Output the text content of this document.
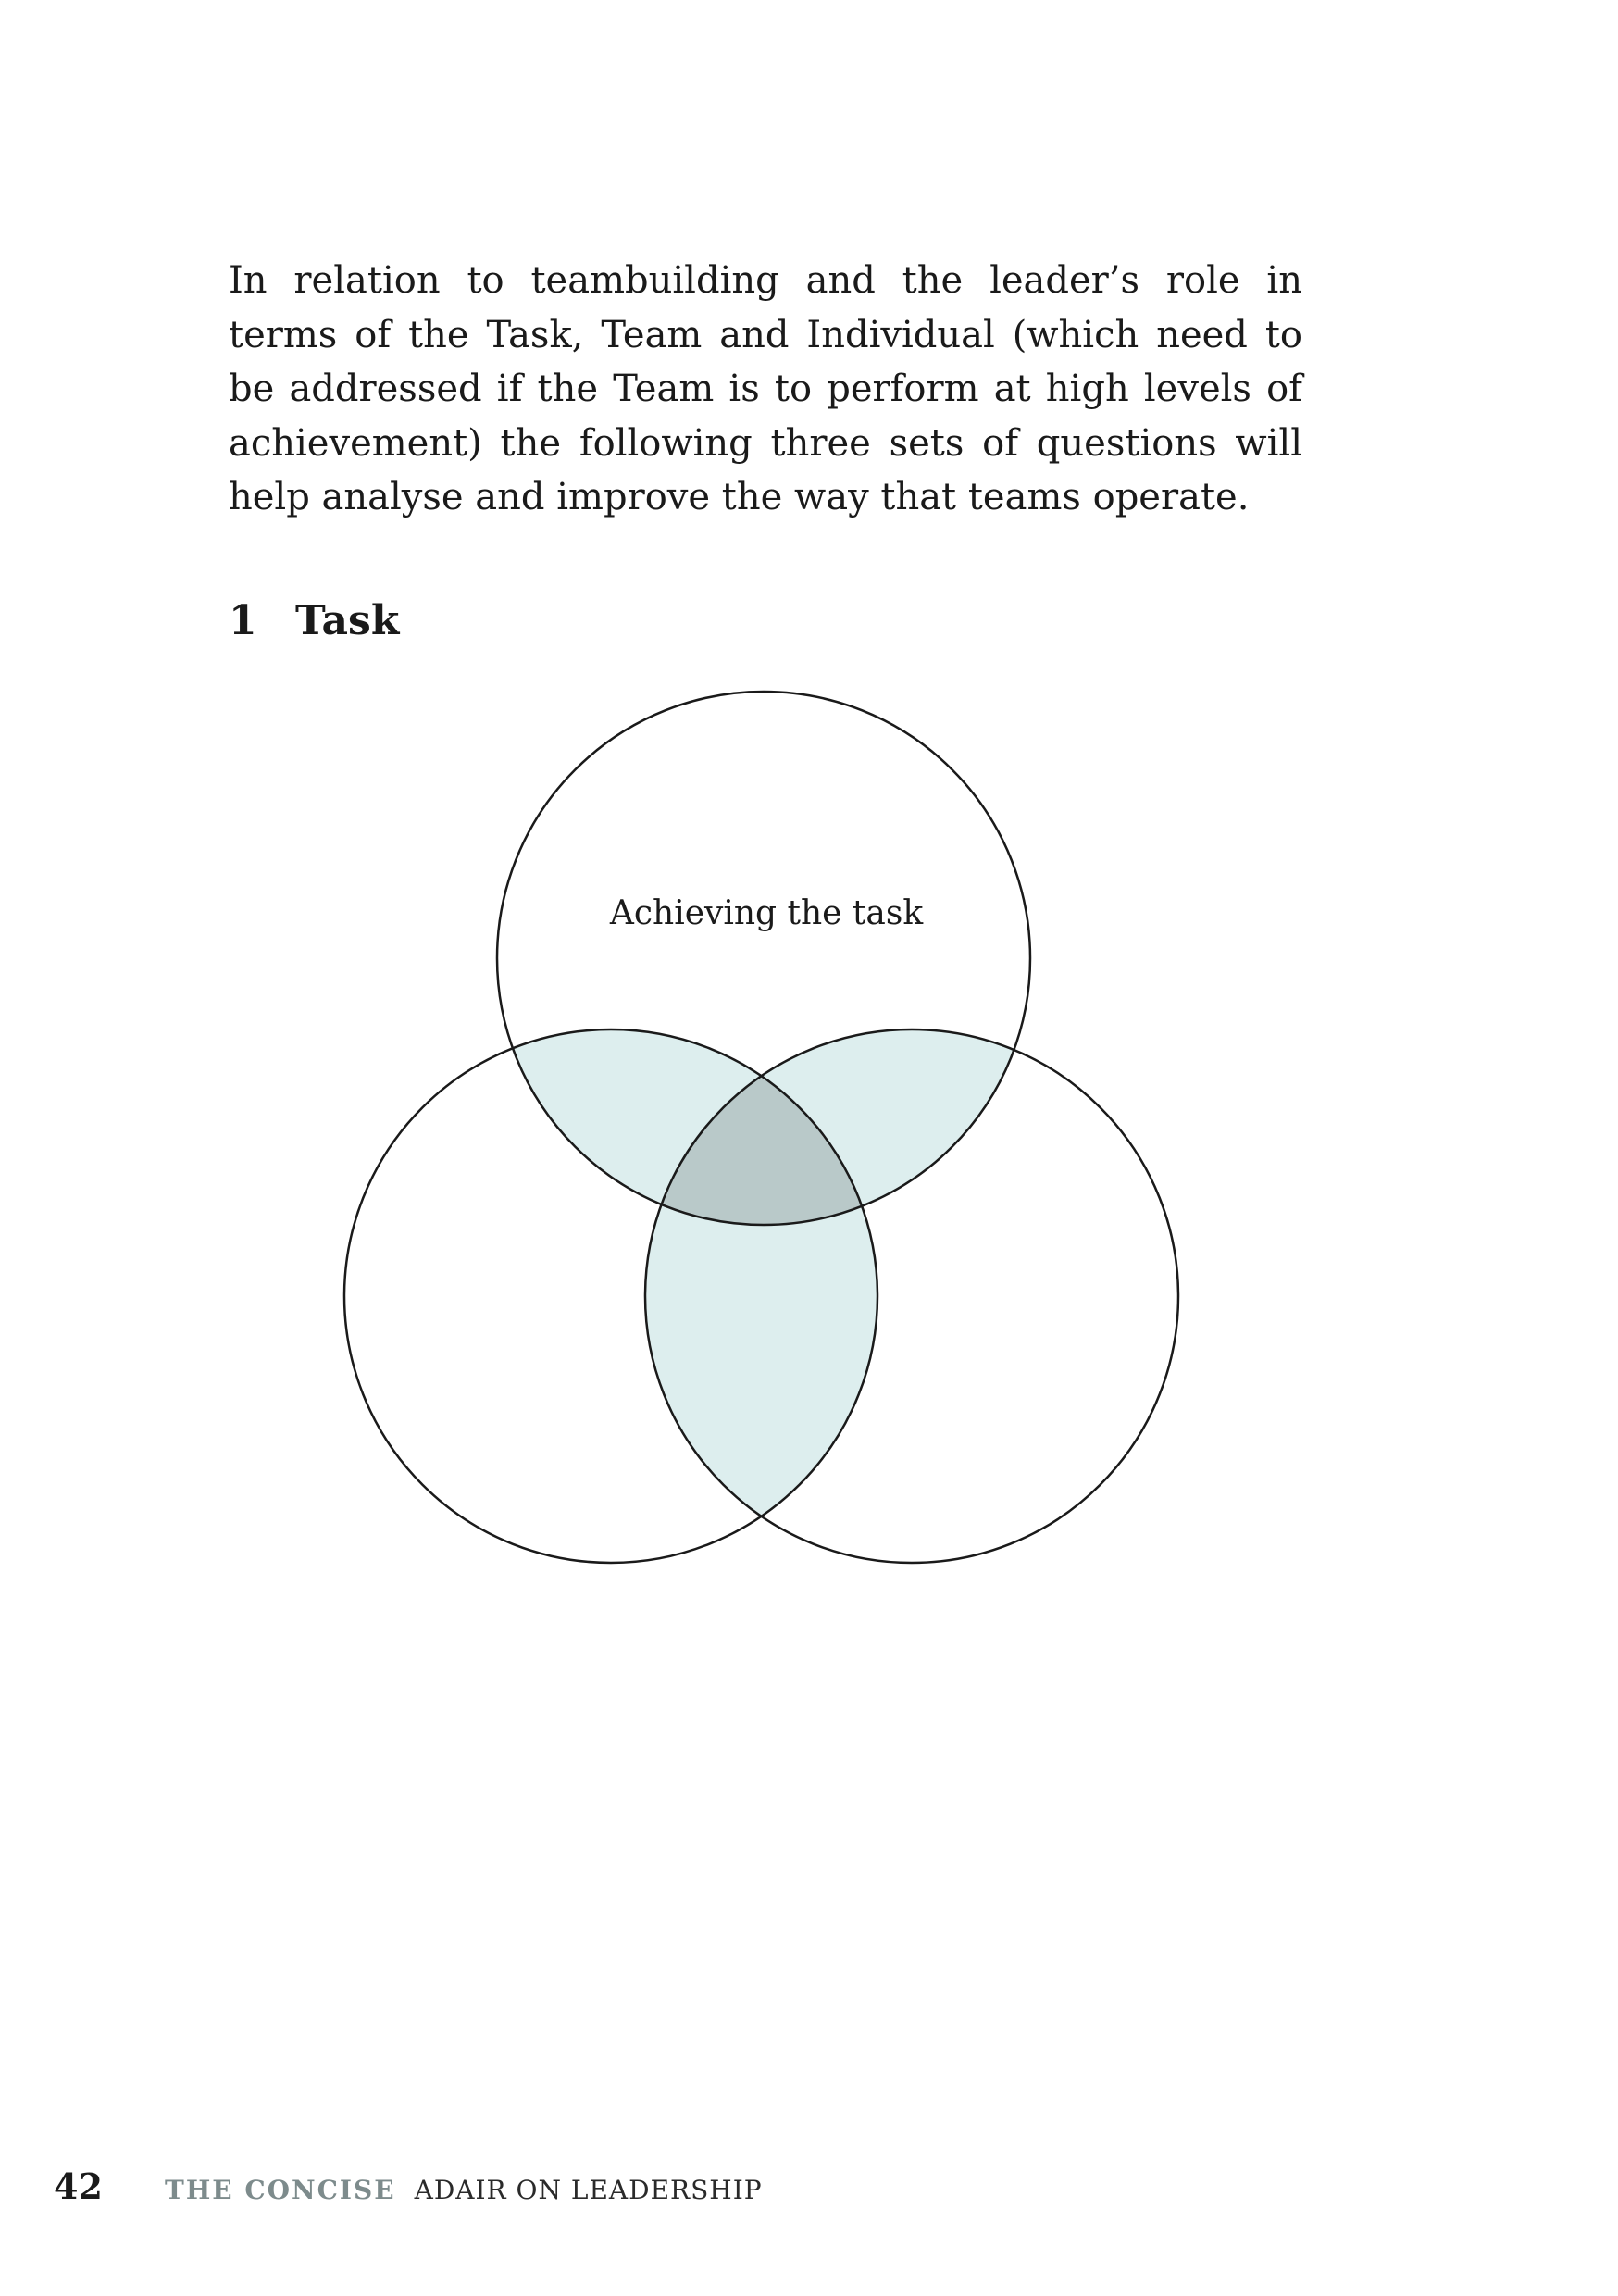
In relation to teambuilding and the leader’s role in terms of the Task, Team and Individual (which need to be addressed if the Team is to perform at high levels of achievement) the following three sets of questions will help analyse and improve the way that teams operate.

1 Task
Achieving the task
42 THE CONCISE ADAIR ON LEADERSHIP
